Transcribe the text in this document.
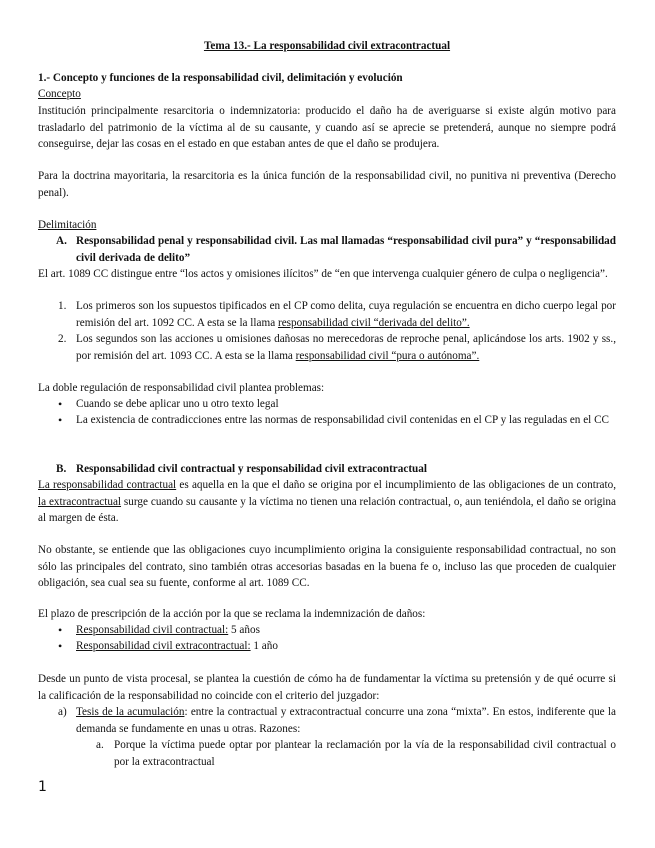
Tema 13.- La responsabilidad civil extracontractual

1.- Concepto y funciones de la responsabilidad civil, delimitación y evolución

Concepto

Institución principalmente resarcitoria o indemnizatoria: producido el daño ha de averiguarse si existe algún motivo para trasladarlo del patrimonio de la víctima al de su causante, y cuando así se aprecie se pretenderá, aunque no siempre podrá conseguirse, dejar las cosas en el estado en que estaban antes de que el daño se produjera.

Para la doctrina mayoritaria, la resarcitoria es la única función de la responsabilidad civil, no punitiva ni preventiva (Derecho penal).

Delimitación

A. Responsabilidad penal y responsabilidad civil. Las mal llamadas “responsabilidad civil pura” y “responsabilidad civil derivada de delito”

El art. 1089 CC distingue entre “los actos y omisiones ilícitos” de “en que intervenga cualquier género de culpa o negligencia”.

1. Los primeros son los supuestos tipificados en el CP como delita, cuya regulación se encuentra en dicho cuerpo legal por remisión del art. 1092 CC. A esta se la llama responsabilidad civil “derivada del delito”.
2. Los segundos son las acciones u omisiones dañosas no merecedoras de reproche penal, aplicándose los arts. 1902 y ss., por remisión del art. 1093 CC. A esta se la llama responsabilidad civil “pura o autónoma”.

La doble regulación de responsabilidad civil plantea problemas:

•
Cuando se debe aplicar uno u otro texto legal
•
La existencia de contradicciones entre las normas de responsabilidad civil contenidas en el CP y las reguladas en el CC
B. Responsabilidad civil contractual y responsabilidad civil extracontractual

La responsabilidad contractual es aquella en la que el daño se origina por el incumplimiento de las obligaciones de un contrato, la extracontractual surge cuando su causante y la víctima no tienen una relación contractual, o, aun teniéndola, el daño se origina al margen de ésta.

No obstante, se entiende que las obligaciones cuyo incumplimiento origina la consiguiente responsabilidad contractual, no son sólo las principales del contrato, sino también otras accesorias basadas en la buena fe o, incluso las que proceden de cualquier obligación, sea cual sea su fuente, conforme al art. 1089 CC.

El plazo de prescripción de la acción por la que se reclama la indemnización de daños:

•
Responsabilidad civil contractual: 5 años
•
Responsabilidad civil extracontractual: 1 año

Desde un punto de vista procesal, se plantea la cuestión de cómo ha de fundamentar la víctima su pretensión y de qué ocurre si la calificación de la responsabilidad no coincide con el criterio del juzgador:

a) Tesis de la acumulación: entre la contractual y extracontractual concurre una zona “mixta”. En estos, indiferente que la demanda se fundamente en unas u otras. Razones:
a. Porque la víctima puede optar por plantear la reclamación por la vía de la responsabilidad civil contractual o por la extracontractual
1
